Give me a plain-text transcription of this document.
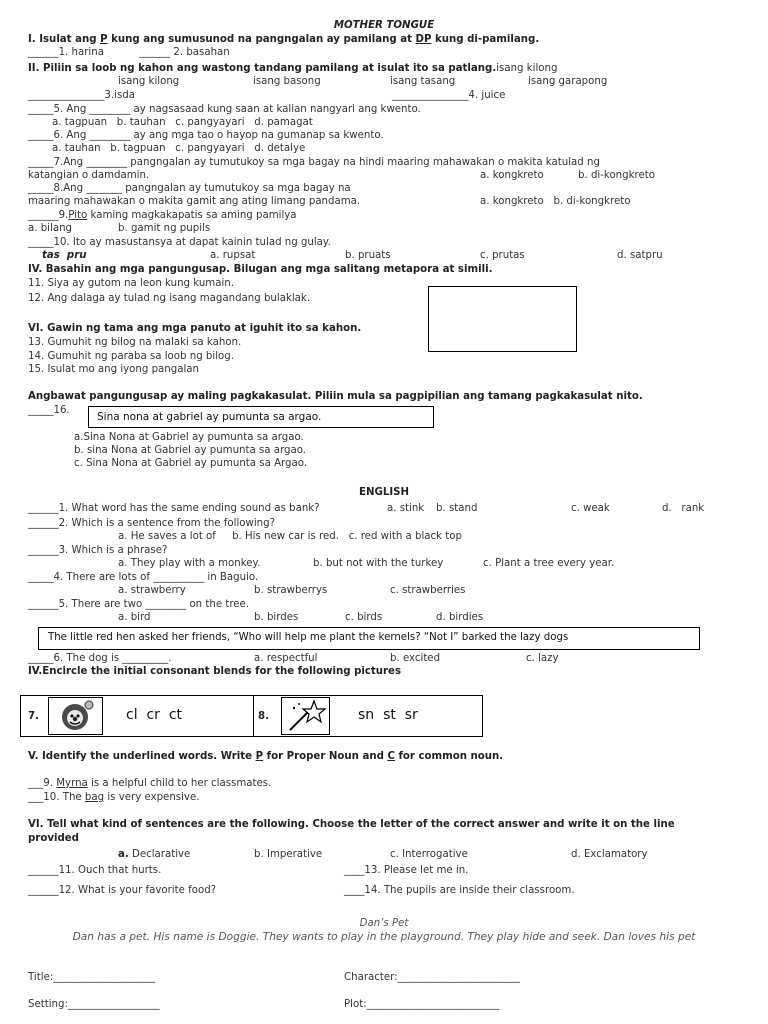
MOTHER TONGUE
I. Isulat ang P kung ang sumusunod na pangngalan ay pamilang at DP kung di-pamilang.
______1. harina           ______ 2. basahan
II. Piliin sa loob ng kahon ang wastong tandang pamilang at isulat ito sa patlang.isang kilong
isang kilong	isang basong	isang tasang	isang garapong
_______________3.isda	_______________4. juice
_____5. Ang ________ ay nagsasaad kung saan at kalian nangyari ang kwento.
a. tagpuan   b. tauhan   c. pangyayari   d. pamagat
_____6. Ang ________ ay ang mga tao o hayop na gumanap sa kwento.
a. tauhan   b. tagpuan   c. pangyayari   d. detalye
_____7.Ang ________ pangngalan ay tumutukoy sa mga bagay na hindi maaring mahawakan o makita katulad ng
katangian o damdamin.	a. kongkreto	b. di-kongkreto
_____8.Ang _______ pangngalan ay tumutukoy sa mga bagay na
maaring mahawakan o makita gamit ang ating limang pandama.	a. kongkreto   b. di-kongkreto
______9.Pito kaming magkakapatis sa aming pamilya
a. bilang	b. gamit ng pupils
_____10. Ito ay masustansya at dapat kainin tulad ng gulay.
tas  pru	a. rupsat	b. pruats	c. prutas	d. satpru
IV. Basahin ang mga pangungusap. Bilugan ang mga salitang metapora at simili.
11. Siya ay gutom na leon kung kumain.
12. Ang dalaga ay tulad ng isang magandang bulaklak.
VI. Gawin ng tama ang mga panuto at iguhit ito sa kahon.
13. Gumuhit ng bilog na malaki sa kahon.
14. Gumuhit ng paraba sa loob ng bilog.
15. Isulat mo ang iyong pangalan
Angbawat pangungusap ay maling pagkakasulat. Piliin mula sa pagpipilian ang tamang pagkakasulat nito.
_____16.
Sina nona at gabriel ay pumunta sa argao.
a.Sina Nona at Gabriel ay pumunta sa argao.
b. sina Nona at Gabriel ay pumunta sa argao.
c. Sina Nona at Gabriel ay pumunta sa Argao.
ENGLISH
______1. What word has the same ending sound as bank?	a. stink b. stand	c. weak	d.   rank
______2. Which is a sentence from the following?
a. He saves a lot of     b. His new car is red.   c. red with a black top
______3. Which is a phrase?
a. They play with a monkey.	b. but not with the turkey	c. Plant a tree every year.
_____4. There are lots of __________ in Baguio.
a. strawberry	b. strawberrys	c. strawberries
______5. There are two ________ on the tree.
a. bird	b. birdes	c. birds	d. birdies
The little red hen asked her friends, “Who will help me plant the kernels? “Not I” barked the lazy dogs
_____6. The dog is _________.	a. respectful	b. excited	c. lazy
IV.Encircle the initial consonant blends for the following pictures
7.	cl  cr  ct	8.	sn  st  sr
V. Identify the underlined words. Write P for Proper Noun and C for common noun.
___9. Myrna is a helpful child to her classmates.
___10. The bag is very expensive.
VI. Tell what kind of sentences are the following. Choose the letter of the correct answer and write it on the line
provided
a. Declarative	b. Imperative	c. Interrogative	d. Exclamatory
______11. Ouch that hurts.	____13. Please let me in.
______12. What is your favorite food?	____14. The pupils are inside their classroom.
Dan’s Pet
Dan has a pet. His name is Doggie. They wants to play in the playground. They play hide and seek. Dan loves his pet
Title:____________________	Character:________________________
Setting:__________________	Plot:__________________________
